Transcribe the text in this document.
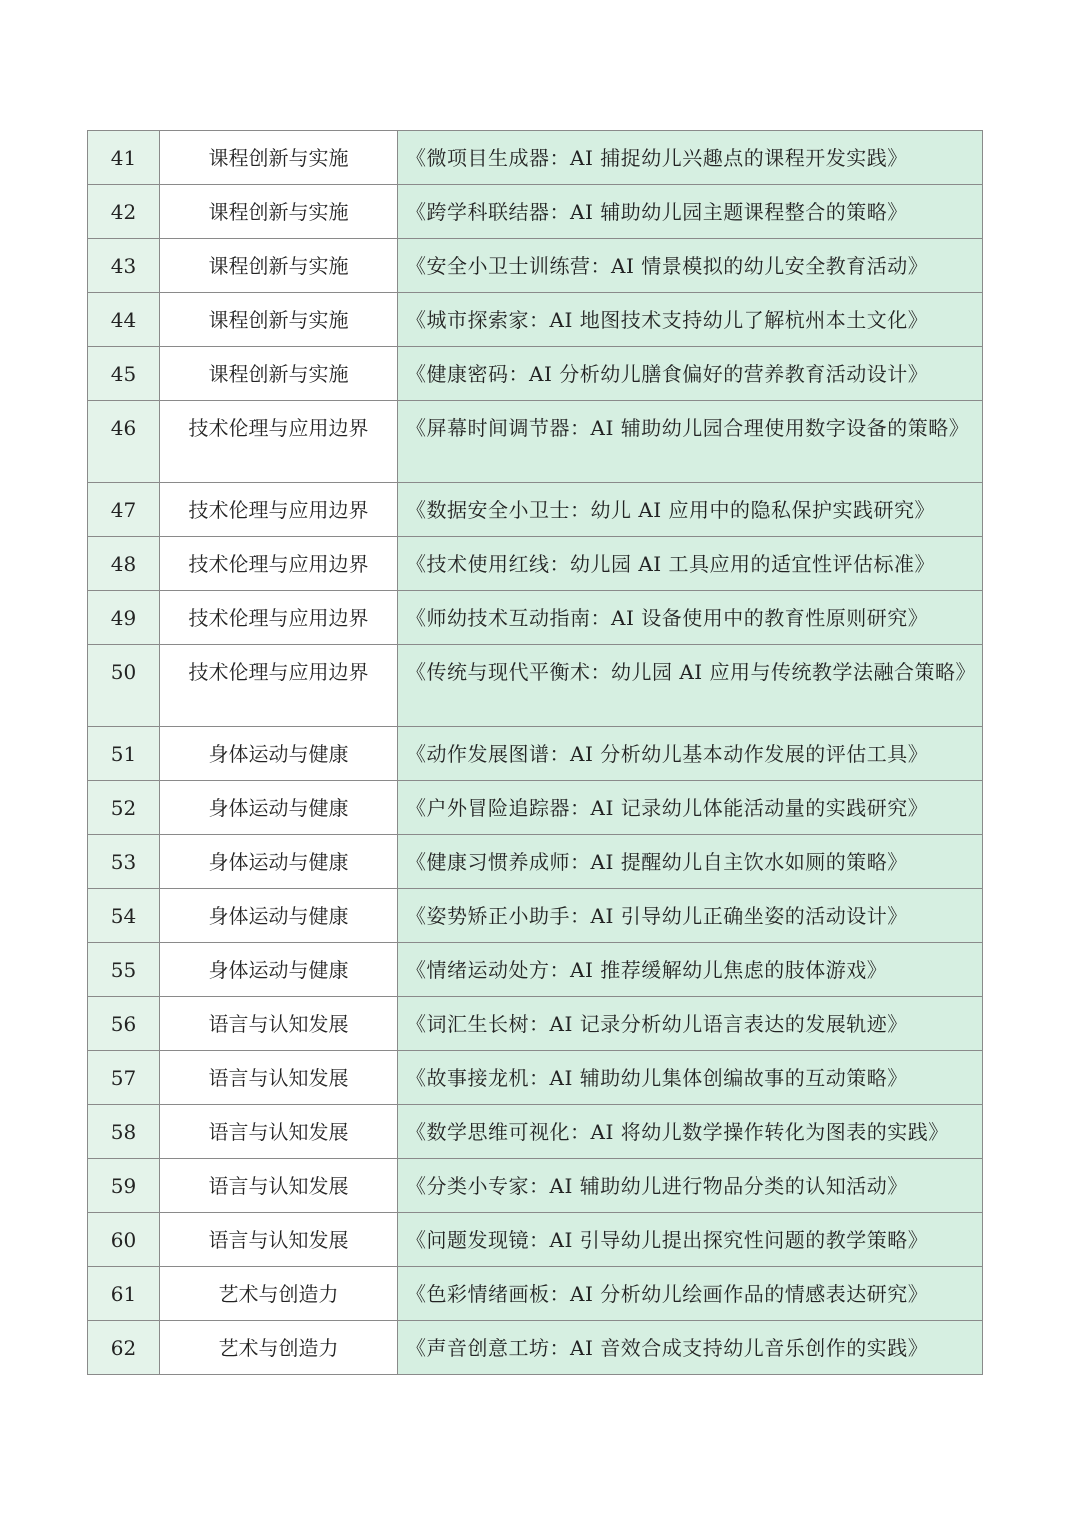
41	课程创新与实施	《微项目生成器：AI 捕捉幼儿兴趣点的课程开发实践》
42	课程创新与实施	《跨学科联结器：AI 辅助幼儿园主题课程整合的策略》
43	课程创新与实施	《安全小卫士训练营：AI 情景模拟的幼儿安全教育活动》
44	课程创新与实施	《城市探索家：AI 地图技术支持幼儿了解杭州本土文化》
45	课程创新与实施	《健康密码：AI 分析幼儿膳食偏好的营养教育活动设计》
46	技术伦理与应用边界	《屏幕时间调节器：AI 辅助幼儿园合理使用数字设备的策略》
47	技术伦理与应用边界	《数据安全小卫士：幼儿 AI 应用中的隐私保护实践研究》
48	技术伦理与应用边界	《技术使用红线：幼儿园 AI 工具应用的适宜性评估标准》
49	技术伦理与应用边界	《师幼技术互动指南：AI 设备使用中的教育性原则研究》
50	技术伦理与应用边界	《传统与现代平衡术：幼儿园 AI 应用与传统教学法融合策略》
51	身体运动与健康	《动作发展图谱：AI 分析幼儿基本动作发展的评估工具》
52	身体运动与健康	《户外冒险追踪器：AI 记录幼儿体能活动量的实践研究》
53	身体运动与健康	《健康习惯养成师：AI 提醒幼儿自主饮水如厕的策略》
54	身体运动与健康	《姿势矫正小助手：AI 引导幼儿正确坐姿的活动设计》
55	身体运动与健康	《情绪运动处方：AI 推荐缓解幼儿焦虑的肢体游戏》
56	语言与认知发展	《词汇生长树：AI 记录分析幼儿语言表达的发展轨迹》
57	语言与认知发展	《故事接龙机：AI 辅助幼儿集体创编故事的互动策略》
58	语言与认知发展	《数学思维可视化：AI 将幼儿数学操作转化为图表的实践》
59	语言与认知发展	《分类小专家：AI 辅助幼儿进行物品分类的认知活动》
60	语言与认知发展	《问题发现镜：AI 引导幼儿提出探究性问题的教学策略》
61	艺术与创造力	《色彩情绪画板：AI 分析幼儿绘画作品的情感表达研究》
62	艺术与创造力	《声音创意工坊：AI 音效合成支持幼儿音乐创作的实践》
